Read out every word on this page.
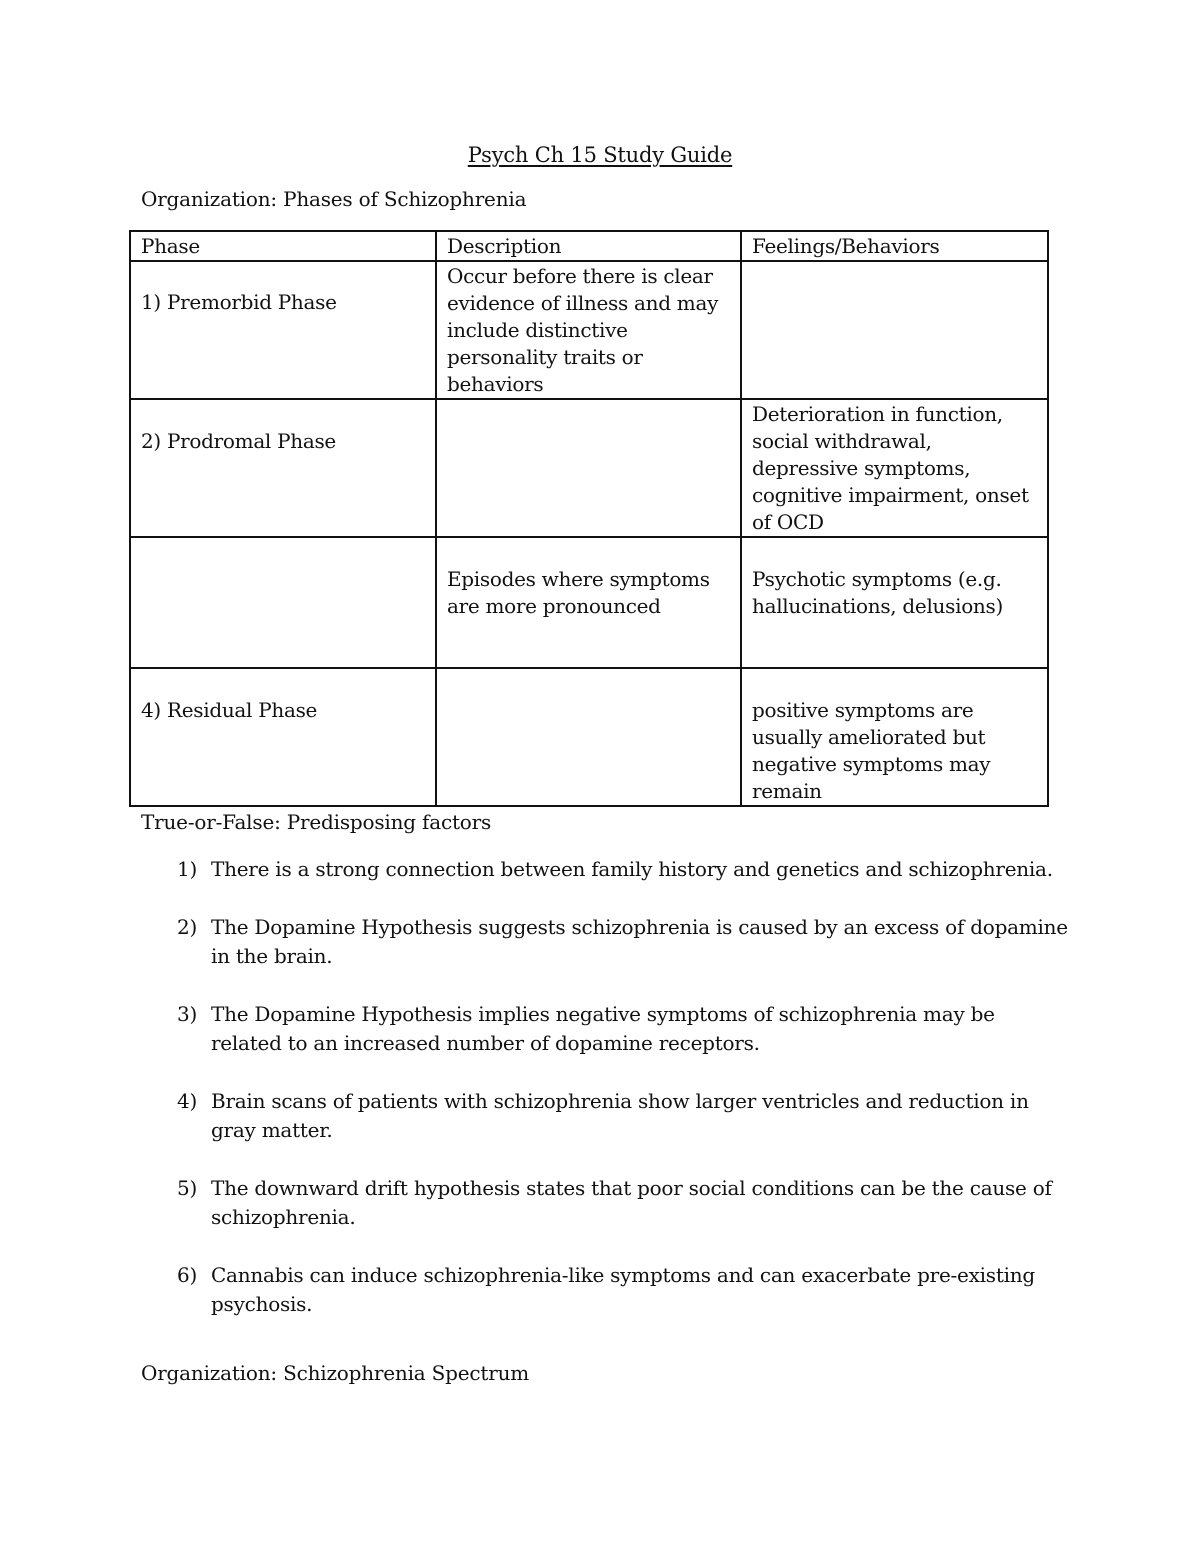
Psych Ch 15 Study Guide
Organization: Phases of Schizophrenia
Phase	Description	Feelings/Behaviors

1) Premorbid Phase	Occur before there is clear evidence of illness and may include distinctive personality traits or behaviors	

2) Prodromal Phase		Deterioration in function, social withdrawal, depressive symptoms, cognitive impairment, onset of OCD

	Episodes where symptoms are more pronounced	Psychotic symptoms (e.g. hallucinations, delusions)

4) Residual Phase		positive symptoms are usually ameliorated but negative symptoms may remain
True-or-False: Predisposing factors
1) There is a strong connection between family history and genetics and schizophrenia.
2) The Dopamine Hypothesis suggests schizophrenia is caused by an excess of dopamine in the brain.
3) The Dopamine Hypothesis implies negative symptoms of schizophrenia may be related to an increased number of dopamine receptors.
4) Brain scans of patients with schizophrenia show larger ventricles and reduction in gray matter.
5) The downward drift hypothesis states that poor social conditions can be the cause of schizophrenia.
6) Cannabis can induce schizophrenia-like symptoms and can exacerbate pre-existing psychosis.
Organization: Schizophrenia Spectrum
